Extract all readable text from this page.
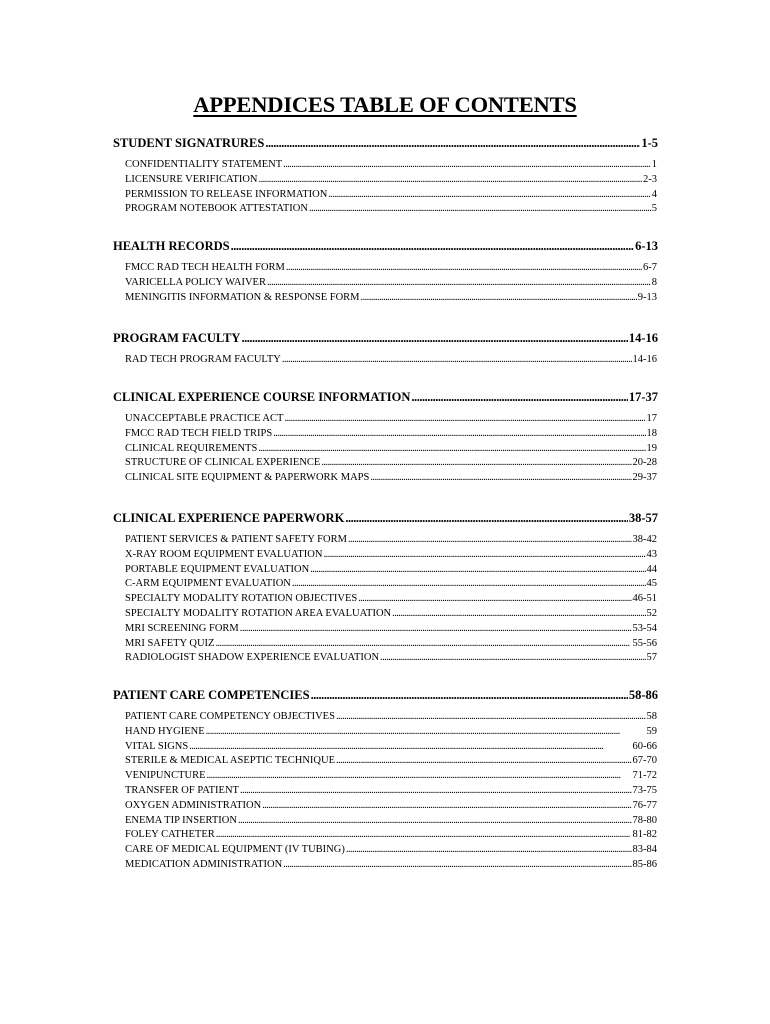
APPENDICES TABLE OF CONTENTS
STUDENT SIGNATRURES . . .	1-5
CONFIDENTIALITY STATEMENT . . .	1
LICENSURE VERIFICATION . . .	2-3
PERMISSION TO RELEASE INFORMATION . . .	4
PROGRAM NOTEBOOK ATTESTATION . . .	5
HEALTH RECORDS . . .	6-13
FMCC RAD TECH HEALTH FORM . . .	6-7
VARICELLA POLICY WAIVER . . .	8
MENINGITIS INFORMATION & RESPONSE FORM . . .	9-13
PROGRAM FACULTY . . .	14-16
RAD TECH PROGRAM FACULTY . . .	14-16
CLINICAL EXPERIENCE COURSE INFORMATION . . .	17-37
UNACCEPTABLE PRACTICE ACT . . .	17
FMCC RAD TECH FIELD TRIPS . . .	18
CLINICAL REQUIREMENTS . . .	19
STRUCTURE OF CLINICAL EXPERIENCE . . .	20-28
CLINICAL SITE EQUIPMENT & PAPERWORK MAPS . . .	29-37
CLINICAL EXPERIENCE PAPERWORK . . .	38-57
PATIENT SERVICES & PATIENT SAFETY FORM . . .	38-42
X-RAY ROOM EQUIPMENT EVALUATION . . .	43
PORTABLE EQUIPMENT EVALUATION . . .	44
C-ARM EQUIPMENT EVALUATION . . .	45
SPECIALTY MODALITY ROTATION OBJECTIVES . . .	46-51
SPECIALTY MODALITY ROTATION AREA EVALUATION . . .	52
MRI SCREENING FORM . . .	53-54
MRI SAFETY QUIZ . . .	55-56
RADIOLOGIST SHADOW EXPERIENCE EVALUATION . . .	57
PATIENT CARE COMPETENCIES . . .	58-86
PATIENT CARE COMPETENCY OBJECTIVES . . .	58
HAND HYGIENE . . .	59
VITAL SIGNS . . .	60-66
STERILE & MEDICAL ASEPTIC TECHNIQUE . . .	67-70
VENIPUNCTURE . . .	71-72
TRANSFER OF PATIENT . . .	73-75
OXYGEN ADMINISTRATION . . .	76-77
ENEMA TIP INSERTION . . .	78-80
FOLEY CATHETER . . .	81-82
CARE OF MEDICAL EQUIPMENT (IV TUBING) . . .	83-84
MEDICATION ADMINISTRATION . . .	85-86
